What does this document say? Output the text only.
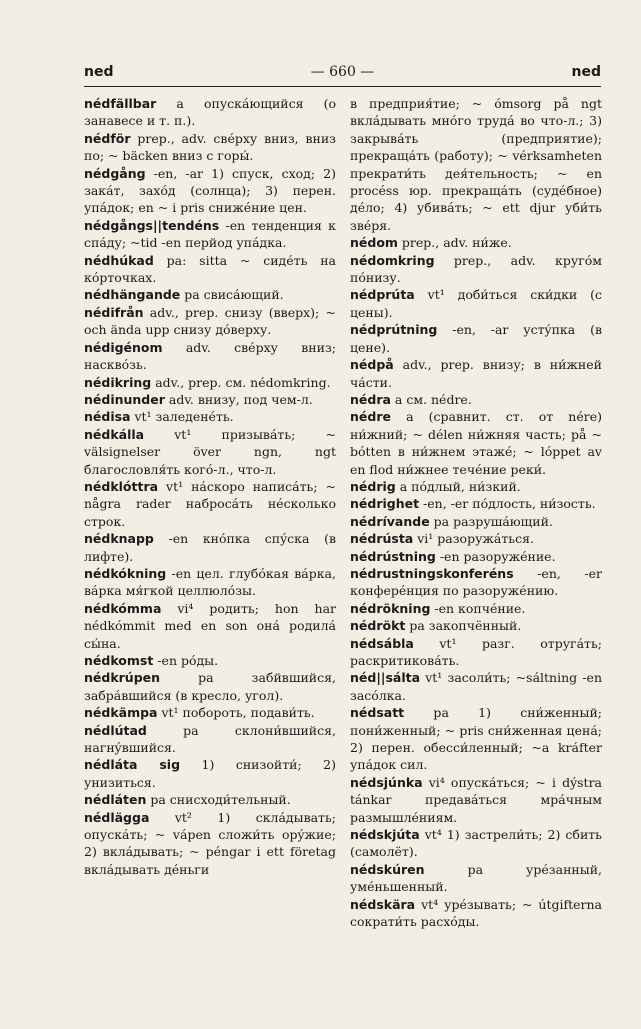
ned	— 660 —	ned

nédfällbar а опускáющийся (о занавесе и т. п.).

nédför prep., adv. свéрху вниз, вниз по; ~ bäcken вниз с горы́.

nédgång -en, -ar 1) спуск, сход; 2) закáт, захóд (солнца); 3) перен. упáдок; en ~ i pris снижéние цен.

nédgångs||tendéns -en тенденция к спáду; ~tid -en перйод упáдка.

nédhúkad pa: sitta ~ сидéть на кóрточках.

nédhängande pa свисáющий.

nédifrån adv., prep. снизу (вверх); ~ och ända upp снизу дóверху.

nédigénom adv. свéрху вниз; насквóзь.

nédikring adv., prep. см. nédomkring.

nédinunder adv. внизу, под чем-л.

nédisa vt¹ заледенéть.

nédkálla vt¹ призывáть; ~ välsignelser över ngn, ngt благословля́ть когó-л., что-л.

nédklóttra vt¹ нáскоро написáть; ~ några rader набросáть нéсколько строк.

nédknapp -en кнóпка спýска (в лифте).

nédkókning -en цел. глубóкая вáрка, вáрка мя́гкой целлюлóзы.

nédkómma vi⁴ родить; hon har nédkómmit med en son онá родилá сы́на.

nédkomst -en рóды.

nédkrúpen pa забйвшийся, забрáвшийся (в кресло, угол).

nédkämpa vt¹ побороть, подави́ть.

nédlútad pa склони́вшийся, нагнýвшийся.

nédláta sig 1) снизойти́; 2) унизиться.

nédláten pa снисходи́тельный.

nédlägga vt² 1) склáдывать; опускáть; ~ vápen сложи́ть орýжие; 2) вклáдывать; ~ péngar i ett företag вклáдывать дéньги

в предприя́тие; ~ ómsorg på ngt вклáдывать мнóго трудá во что-л.; 3) закрывáть (предприятие); прекращáть (работу); ~ vérksamheten прекрати́ть дея́тельность; ~ en procéss юр. прекращáть (судéбное) дéло; 4) убивáть; ~ ett djur уби́ть звéря.

nédom prep., adv. ни́же.

nédomkring prep., adv. кругóм пóнизу.

nédprúta vt¹ доби́ться ски́дки (с цены).

nédprútning -en, -ar устýпка (в цене).

nédpå adv., prep. внизу; в ни́жней чáсти.

nédra а см. nédre.

nédre а (сравнит. ст. от nére) ни́жний; ~ délen ни́жняя часть; på ~ bótten в ни́жнем этажé; ~ lóppet av en flod ни́жнее течéние реки́.

nédrig а пóдлый, ни́зкий.

nédrighet -en, -er пóдлость, ни́зость.

nédrívande pa разрушáющий.

nédrústa vi¹ разоружáться.

nédrústning -en разоружéние.

nédrustningskonferéns -en, -er конферéнция по разоружéнию.

nédrökning -en копчéние.

nédrökt pa закопчённый.

nédsábla vt¹ разг. отругáть; раскритиковáть.

néd||sálta vt¹ засоли́ть; ~sáltning -en засóлка.

nédsatt pa 1) сни́женный; пони́женный; ~ pris сни́женная ценá; 2) перен. обесси́ленный; ~а kráfter упáдок сил.

nédsjúnka vi⁴ опускáться; ~ i dýstra tánkar предавáться мрáчным размышлéниям.

nédskjúta vt⁴ 1) застрели́ть; 2) сбить (самолёт).

nédskúren pa урéзанный, умéньшенный.

nédskära vt⁴ урéзывать; ~ útgifterna сократи́ть расхóды.
